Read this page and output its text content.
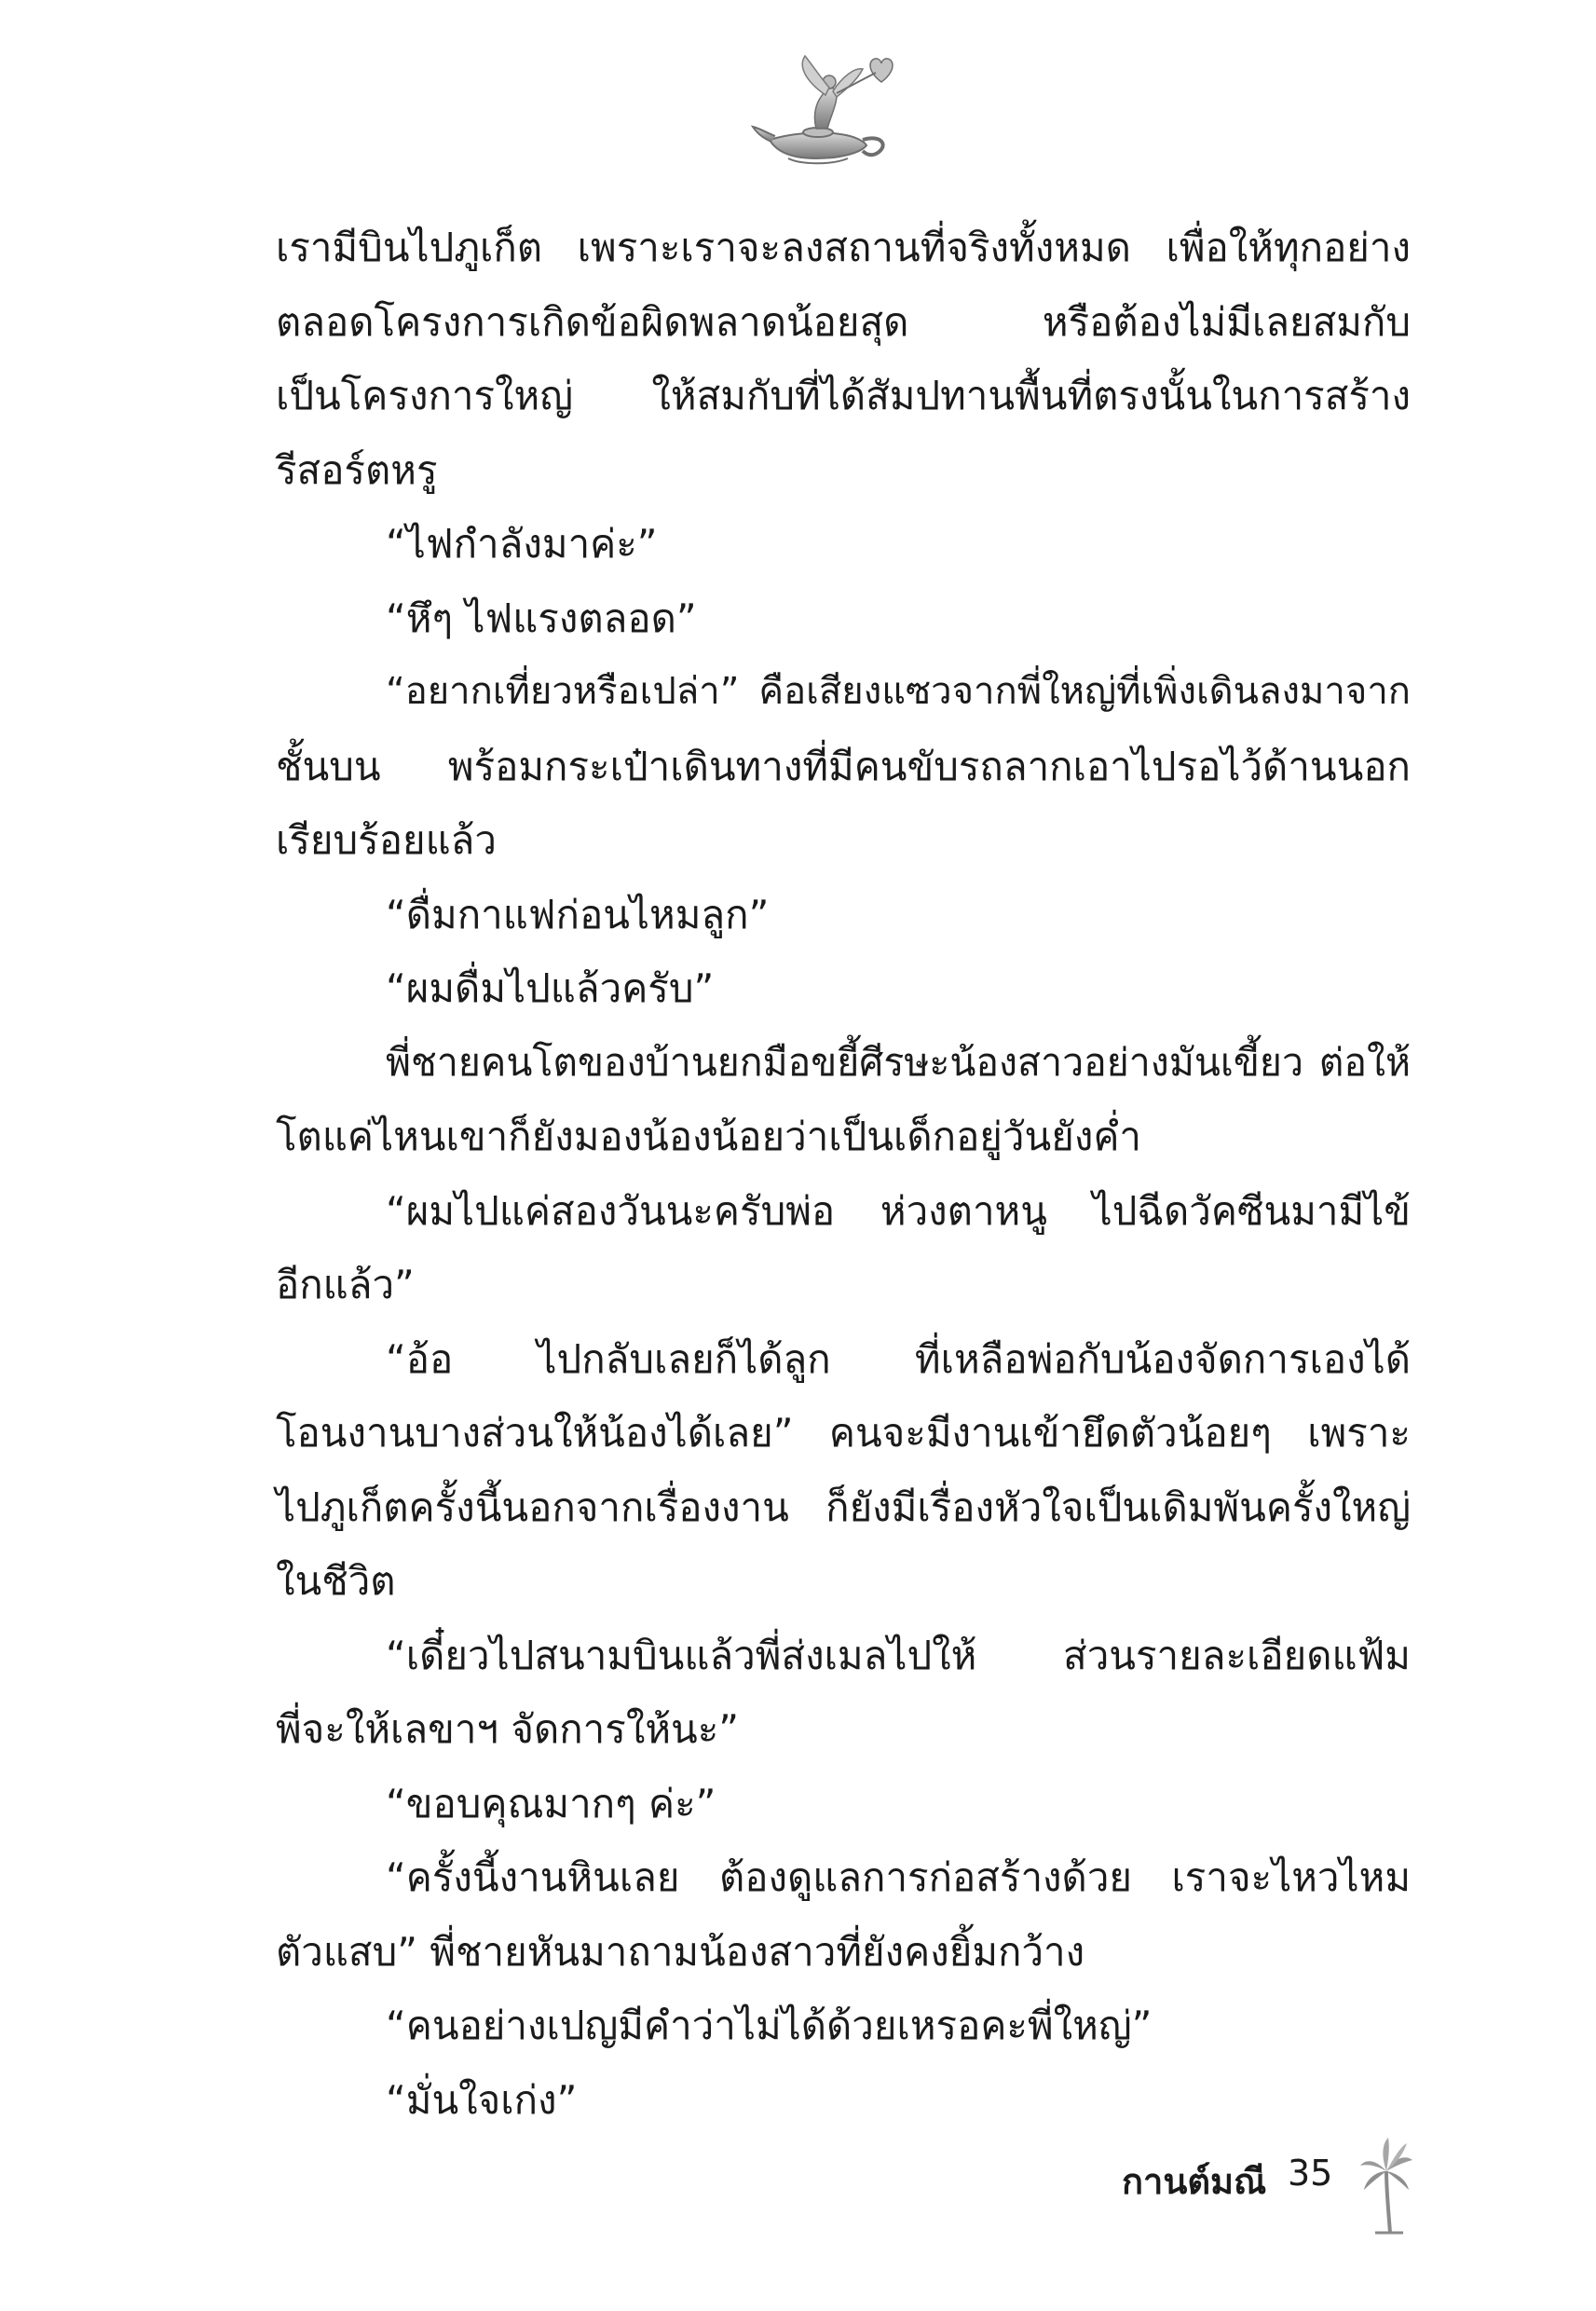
เรามีบินไปภูเก็ต เพราะเราจะลงสถานที่จริงทั้งหมด เพื่อให้ทุกอย่าง
ตลอดโครงการเกิดข้อผิดพลาดน้อยสุด หรือต้องไม่มีเลยสมกับ
เป็นโครงการใหญ่ ให้สมกับที่ได้สัมปทานพื้นที่ตรงนั้นในการสร้าง
รีสอร์ตหรู
“ไฟกำลังมาค่ะ”
“หึๆ ไฟแรงตลอด”
“อยากเที่ยวหรือเปล่า” คือเสียงแซวจากพี่ใหญ่ที่เพิ่งเดินลงมาจาก
ชั้นบน พร้อมกระเป๋าเดินทางที่มีคนขับรถลากเอาไปรอไว้ด้านนอก
เรียบร้อยแล้ว
“ดื่มกาแฟก่อนไหมลูก”
“ผมดื่มไปแล้วครับ”
พี่ชายคนโตของบ้านยกมือขยี้ศีรษะน้องสาวอย่างมันเขี้ยว ต่อให้
โตแค่ไหนเขาก็ยังมองน้องน้อยว่าเป็นเด็กอยู่วันยังค่ำ
“ผมไปแค่สองวันนะครับพ่อ ห่วงตาหนู ไปฉีดวัคซีนมามีไข้
อีกแล้ว”
“อ้อ ไปกลับเลยก็ได้ลูก ที่เหลือพ่อกับน้องจัดการเองได้
โอนงานบางส่วนให้น้องได้เลย” คนจะมีงานเข้ายึดตัวน้อยๆ เพราะ
ไปภูเก็ตครั้งนี้นอกจากเรื่องงาน ก็ยังมีเรื่องหัวใจเป็นเดิมพันครั้งใหญ่
ในชีวิต
“เดี๋ยวไปสนามบินแล้วพี่ส่งเมลไปให้ ส่วนรายละเอียดแฟ้ม
พี่จะให้เลขาฯ จัดการให้นะ”
“ขอบคุณมากๆ ค่ะ”
“ครั้งนี้งานหินเลย ต้องดูแลการก่อสร้างด้วย เราจะไหวไหม
ตัวแสบ” พี่ชายหันมาถามน้องสาวที่ยังคงยิ้มกว้าง
“คนอย่างเปญมีคำว่าไม่ได้ด้วยเหรอคะพี่ใหญ่”
“มั่นใจเก่ง”
กานต์มณี 35
